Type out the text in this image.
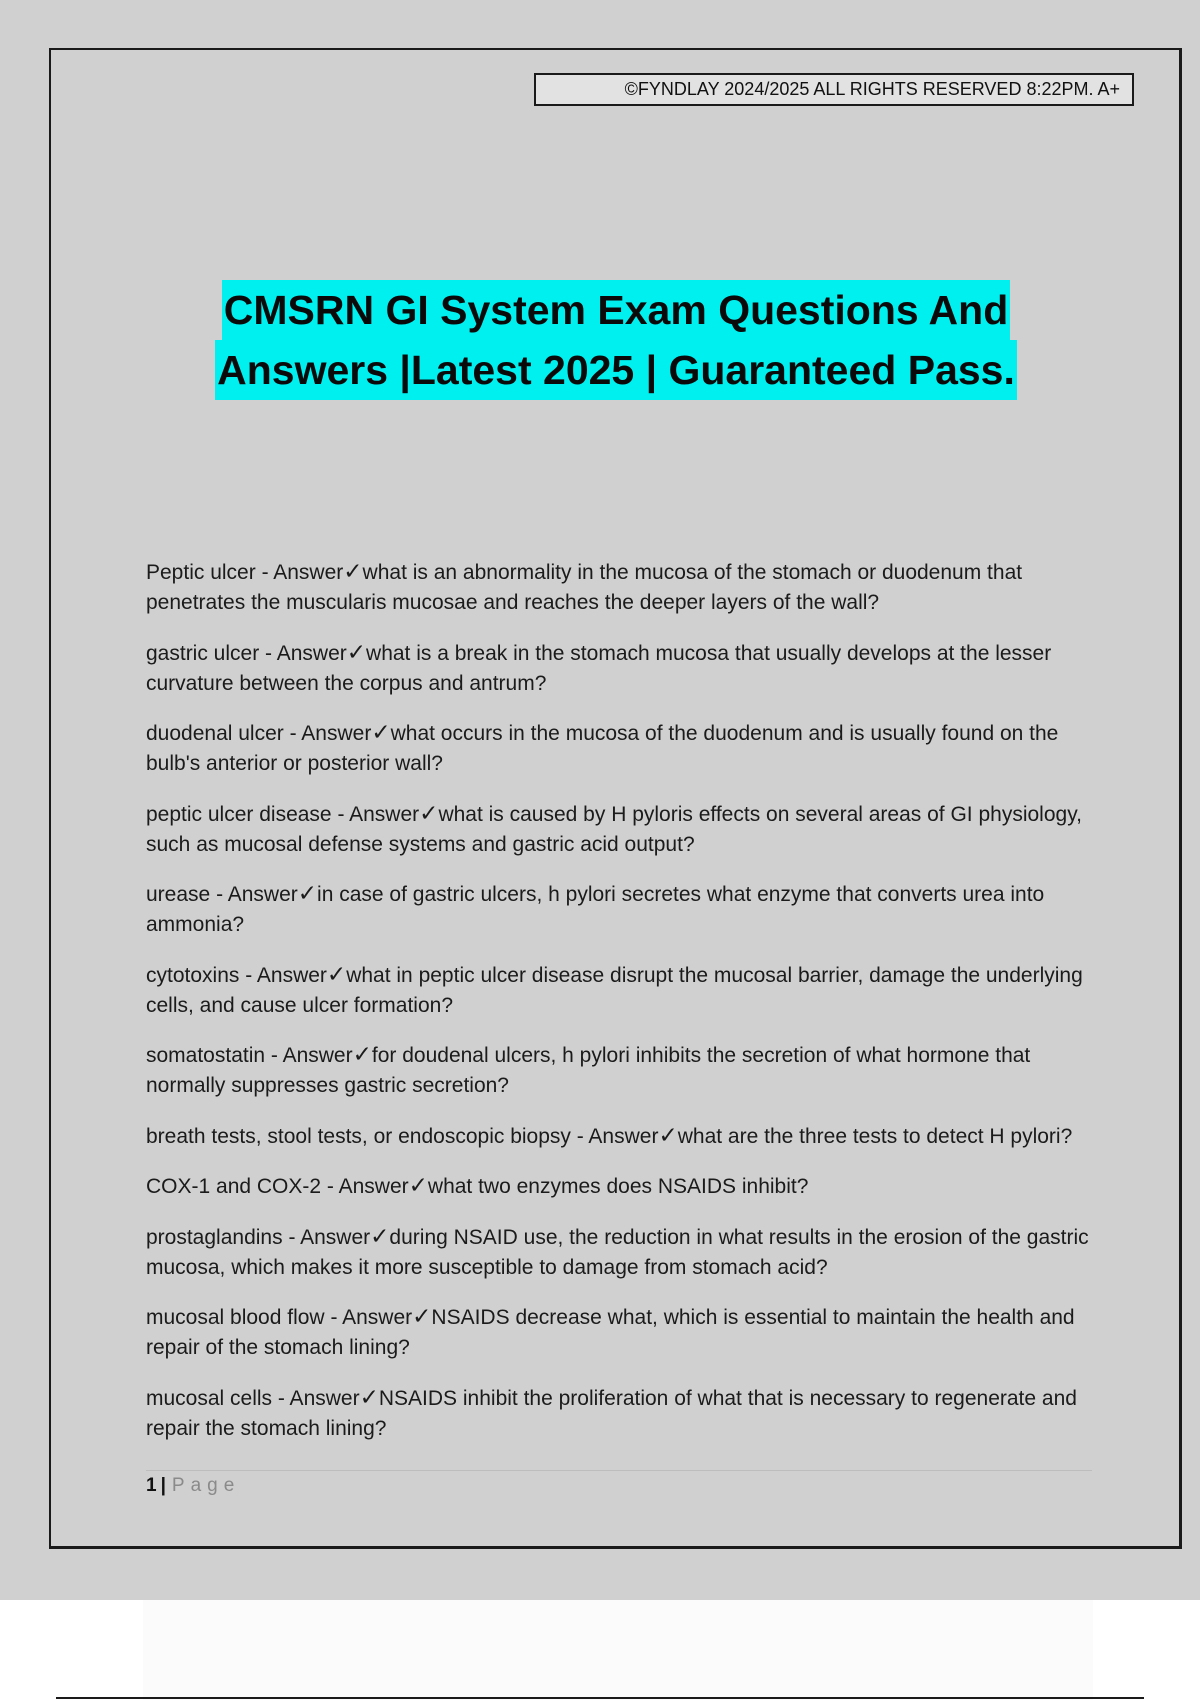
©FYNDLAY 2024/2025 ALL RIGHTS RESERVED 8:22PM. A+
CMSRN GI System Exam Questions And
Answers |Latest 2025 | Guaranteed Pass.

Peptic ulcer - Answer✓what is an abnormality in the mucosa of the stomach or duodenum that penetrates the muscularis mucosae and reaches the deeper layers of the wall?

gastric ulcer - Answer✓what is a break in the stomach mucosa that usually develops at the lesser curvature between the corpus and antrum?

duodenal ulcer - Answer✓what occurs in the mucosa of the duodenum and is usually found on the bulb's anterior or posterior wall?

peptic ulcer disease - Answer✓what is caused by H pyloris effects on several areas of GI physiology, such as mucosal defense systems and gastric acid output?

urease - Answer✓in case of gastric ulcers, h pylori secretes what enzyme that converts urea into ammonia?

cytotoxins - Answer✓what in peptic ulcer disease disrupt the mucosal barrier, damage the underlying cells, and cause ulcer formation?

somatostatin - Answer✓for doudenal ulcers, h pylori inhibits the secretion of what hormone that normally suppresses gastric secretion?

breath tests, stool tests, or endoscopic biopsy - Answer✓what are the three tests to detect H pylori?

COX-1 and COX-2 - Answer✓what two enzymes does NSAIDS inhibit?

prostaglandins - Answer✓during NSAID use, the reduction in what results in the erosion of the gastric mucosa, which makes it more susceptible to damage from stomach acid?

mucosal blood flow - Answer✓NSAIDS decrease what, which is essential to maintain the health and repair of the stomach lining?

mucosal cells - Answer✓NSAIDS inhibit the proliferation of what that is necessary to regenerate and repair the stomach lining?

1 | Page
